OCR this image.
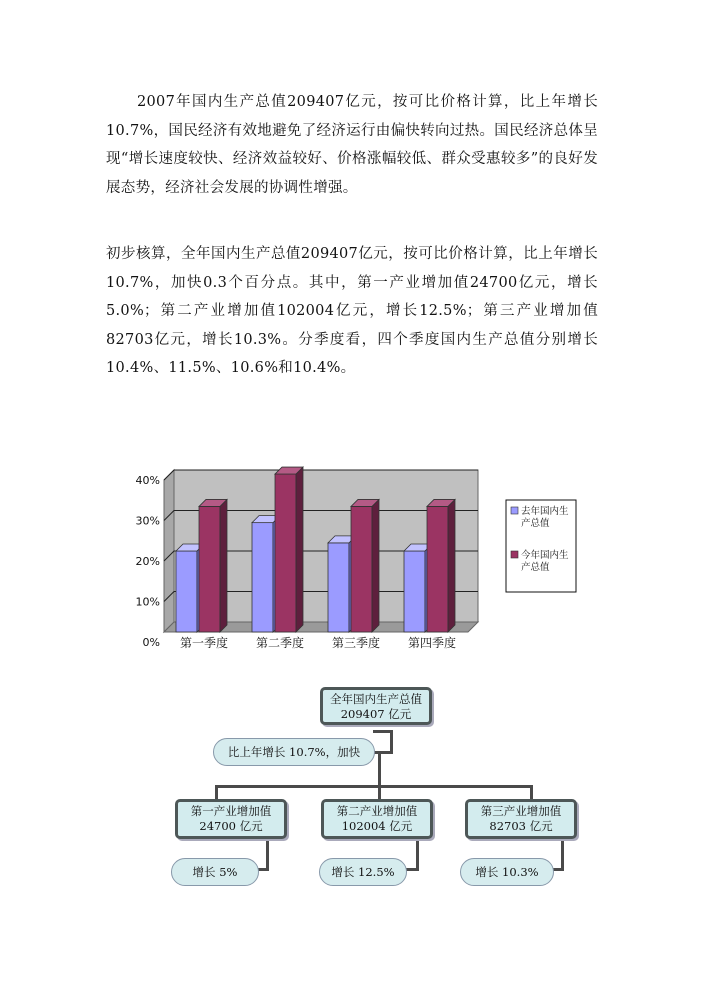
2007年国内生产总值209407亿元，按可比价格计算，比上年增长10.7%，国民经济有效地避免了经济运行由偏快转向过热。国民经济总体呈现“增长速度较快、经济效益较好、价格涨幅较低、群众受惠较多”的良好发展态势，经济社会发展的协调性增强。

初步核算，全年国内生产总值209407亿元，按可比价格计算，比上年增长10.7%，加快0.3个百分点。其中，第一产业增加值24700亿元，增长5.0%；第二产业增加值102004亿元，增长12.5%；第三产业增加值82703亿元，增长10.3%。分季度看，四个季度国内生产总值分别增长10.4%、11.5%、10.6%和10.4%。

0%
10%
20%
30%
40%
第一季度 第二季度 第三季度 第四季度
去年国内生
产总值
今年国内生
产总值
全年国内生产总值
209407 亿元
比上年增长 10.7%，加快
第一产业增加值
24700 亿元
第二产业增加值
102004 亿元
第三产业增加值
82703 亿元
增长 5%	增长 12.5%	增长 10.3%
